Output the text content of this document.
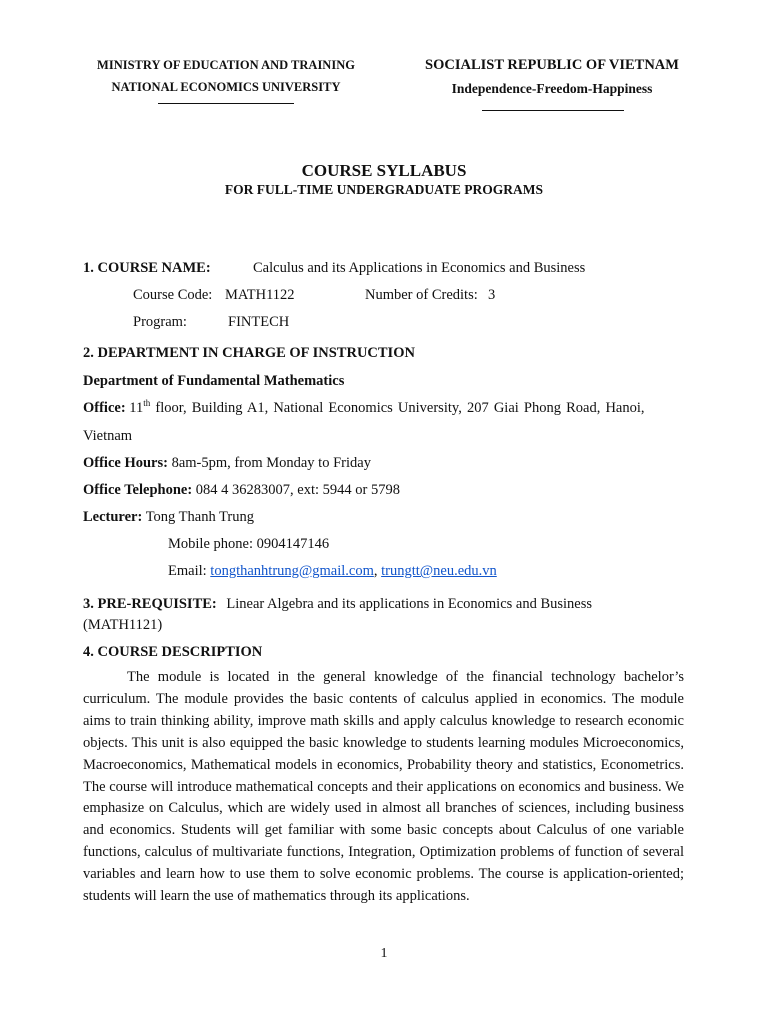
MINISTRY OF EDUCATION AND TRAINING
NATIONAL ECONOMICS UNIVERSITY
SOCIALIST REPUBLIC OF VIETNAM
Independence-Freedom-Happiness
COURSE SYLLABUS
FOR FULL-TIME UNDERGRADUATE PROGRAMS
1. COURSE NAME:	Calculus and its Applications in Economics and Business
Course Code: MATH1122	Number of Credits: 3
Program:	FINTECH
2. DEPARTMENT IN CHARGE OF INSTRUCTION
Department of Fundamental Mathematics
Office: 11th floor, Building A1, National Economics University, 207 Giai Phong Road, Hanoi,
Vietnam
Office Hours: 8am-5pm, from Monday to Friday
Office Telephone: 084 4 36283007, ext: 5944 or 5798
Lecturer: Tong Thanh Trung
Mobile phone: 0904147146
Email: tongthanhtrung@gmail.com, trungtt@neu.edu.vn
3. PRE-REQUISITE: Linear Algebra and its applications in Economics and Business
(MATH1121)
4. COURSE DESCRIPTION
The module is located in the general knowledge of the financial technology bachelor’s curriculum. The module provides the basic contents of calculus applied in economics. The module aims to train thinking ability, improve math skills and apply calculus knowledge to research economic objects. This unit is also equipped the basic knowledge to students learning modules Microeconomics, Macroeconomics, Mathematical models in economics, Probability theory and statistics, Econometrics. The course will introduce mathematical concepts and their applications on economics and business. We emphasize on Calculus, which are widely used in almost all branches of sciences, including business and economics. Students will get familiar with some basic concepts about Calculus of one variable functions, calculus of multivariate functions, Integration, Optimization problems of function of several variables and learn how to use them to solve economic problems. The course is application-oriented; students will learn the use of mathematics through its applications.
1
